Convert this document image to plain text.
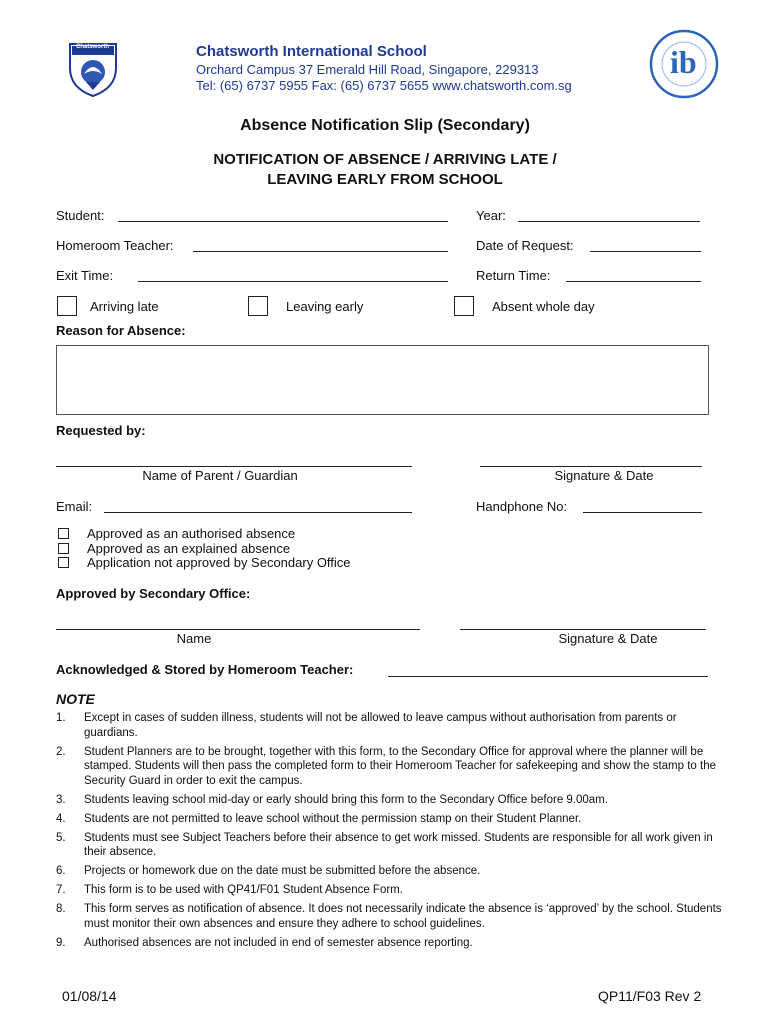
Chatsworth	Chatsworth International School
Orchard Campus 37 Emerald Hill Road, Singapore, 229313
Tel: (65) 6737 5955 Fax: (65) 6737 5655 www.chatsworth.com.sg
ib
Absence Notification Slip (Secondary)
NOTIFICATION OF ABSENCE / ARRIVING LATE /
LEAVING EARLY FROM SCHOOL
Student:	Year:
Homeroom Teacher:	Date of Request:
Exit Time:	Return Time:
Arriving late	Leaving early	Absent whole day
Reason for Absence:
Requested by:
Name of Parent / Guardian	Signature & Date
Email:	Handphone No:
Approved as an authorised absence
Approved as an explained absence
Application not approved by Secondary Office
Approved by Secondary Office:
Name	Signature & Date
Acknowledged & Stored by Homeroom Teacher:
NOTE
1.	Except in cases of sudden illness, students will not be allowed to leave campus without authorisation from parents or guardians.
2.	Student Planners are to be brought, together with this form, to the Secondary Office for approval where the planner will be stamped. Students will then pass the completed form to their Homeroom Teacher for safekeeping and show the stamp to the Security Guard in order to exit the campus.
3.	Students leaving school mid-day or early should bring this form to the Secondary Office before 9.00am.
4.	Students are not permitted to leave school without the permission stamp on their Student Planner.
5.	Students must see Subject Teachers before their absence to get work missed. Students are responsible for all work given in their absence.
6.	Projects or homework due on the date must be submitted before the absence.
7.	This form is to be used with QP41/F01 Student Absence Form.
8.	This form serves as notification of absence. It does not necessarily indicate the absence is ‘approved’ by the school. Students must monitor their own absences and ensure they adhere to school guidelines.
9.	Authorised absences are not included in end of semester absence reporting.
01/08/14	QP11/F03 Rev 2
